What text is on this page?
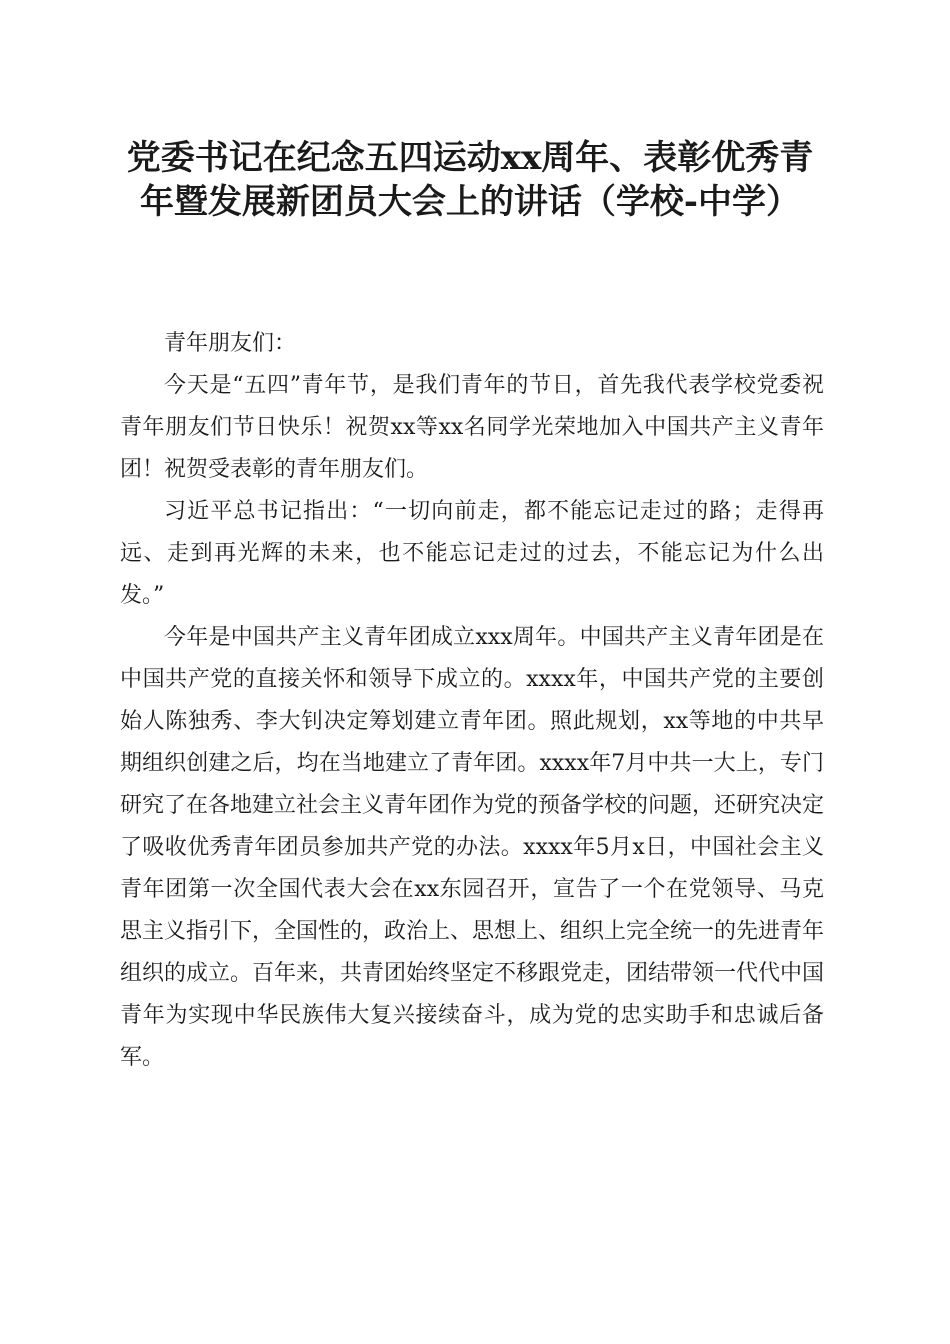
党委书记在纪念五四运动xx周年、表彰优秀青年暨发展新团员大会上的讲话（学校-中学）

青年朋友们：

今天是“五四”青年节，是我们青年的节日，首先我代表学校党委祝青年朋友们节日快乐！祝贺xx等xx名同学光荣地加入中国共产主义青年团！祝贺受表彰的青年朋友们。

习近平总书记指出：“一切向前走，都不能忘记走过的路；走得再远、走到再光辉的未来，也不能忘记走过的过去，不能忘记为什么出发。”

今年是中国共产主义青年团成立xxx周年。中国共产主义青年团是在中国共产党的直接关怀和领导下成立的。xxxx年，中国共产党的主要创始人陈独秀、李大钊决定筹划建立青年团。照此规划，xx等地的中共早期组织创建之后，均在当地建立了青年团。xxxx年7月中共一大上，专门研究了在各地建立社会主义青年团作为党的预备学校的问题，还研究决定了吸收优秀青年团员参加共产党的办法。xxxx年5月x日，中国社会主义青年团第一次全国代表大会在xx东园召开，宣告了一个在党领导、马克思主义指引下，全国性的，政治上、思想上、组织上完全统一的先进青年组织的成立。百年来，共青团始终坚定不移跟党走，团结带领一代代中国青年为实现中华民族伟大复兴接续奋斗，成为党的忠实助手和忠诚后备军。
